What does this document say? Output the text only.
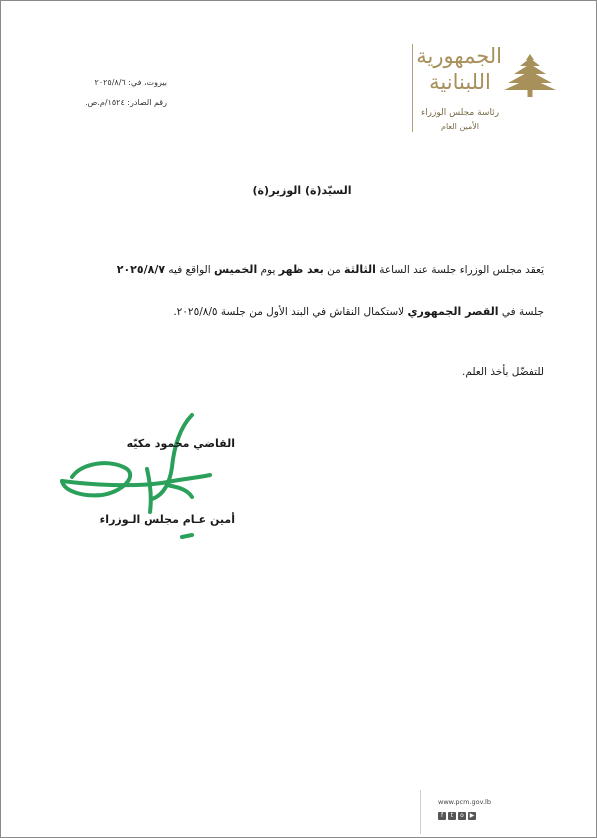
الجمهورية
اللبنانية
رئاسة مجلس الوزراء
الأمين العام
بيروت، في: ٢٠٢٥/٨/٦
رقم الصادر: ١٥٢٤/م.ص.
السيّد(ة) الوزير(ة)
يَعقد مجلس الوزراء جلسة عند الساعة الثالثة من بعد ظهر يوم الخميس الواقع فيه ٢٠٢٥/٨/٧
جلسة في القصر الجمهوري لاستكمال النقاش في البند الأول من جلسة ٢٠٢٥/٨/٥.
للتفضّل بأخذ العلم.
القاضي محمود مكيّه
أمين عـام مجلس الـوزراء
www.pcm.gov.lb
f	t	o ▶
